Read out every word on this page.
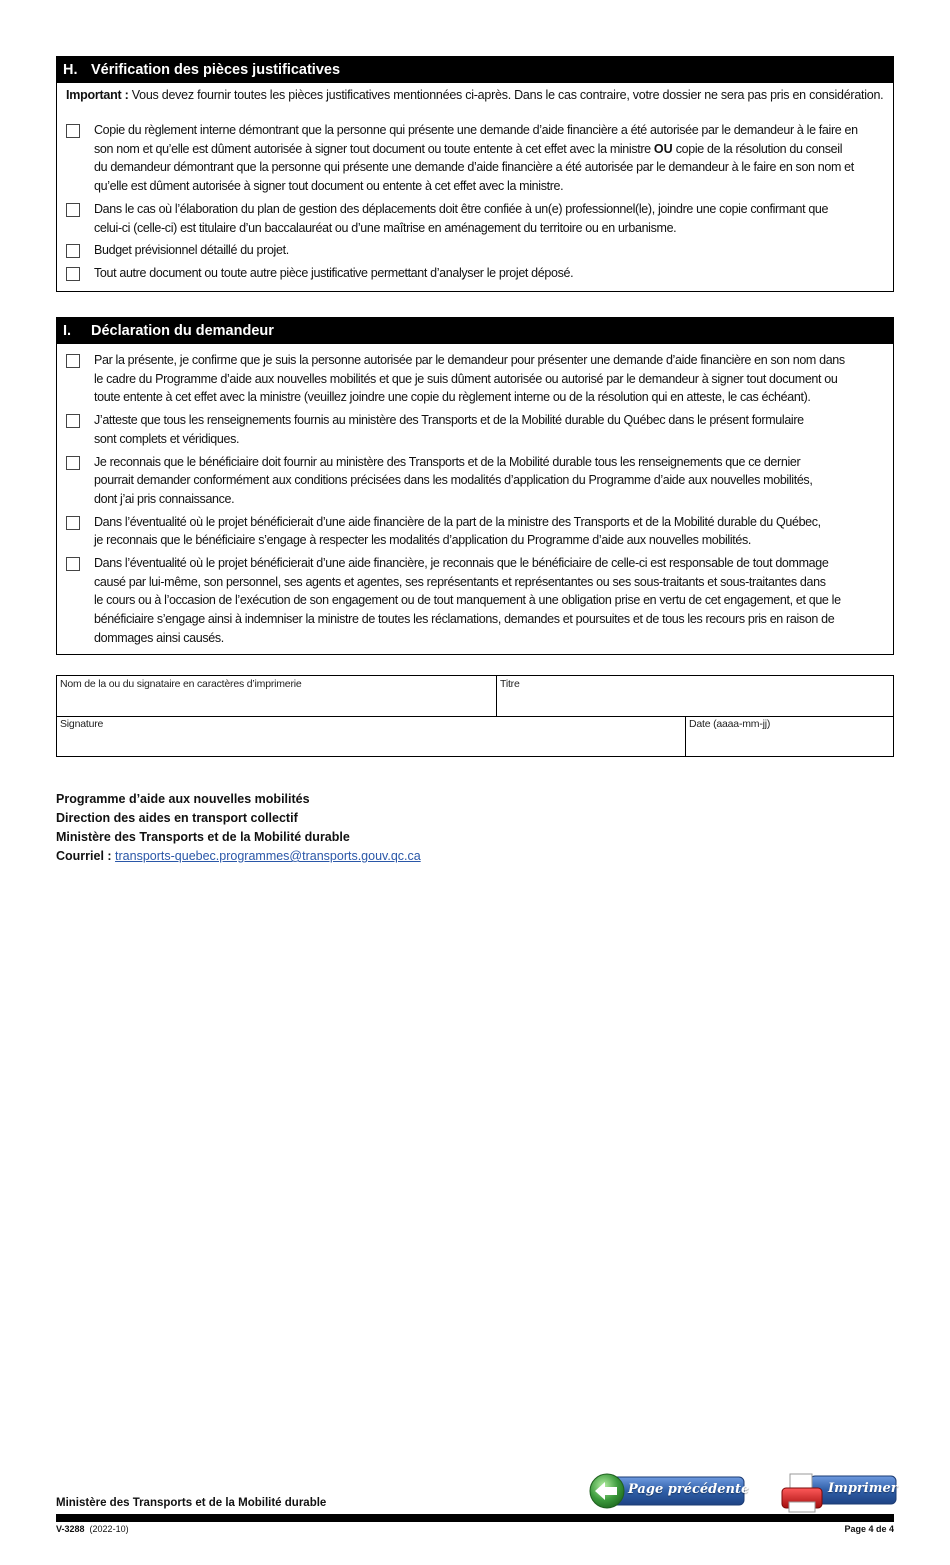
H. Vérification des pièces justificatives
Important : Vous devez fournir toutes les pièces justificatives mentionnées ci-après. Dans le cas contraire, votre dossier ne sera pas pris en considération.
Copie du règlement interne démontrant que la personne qui présente une demande d’aide financière a été autorisée par le demandeur à le faire en
son nom et qu’elle est dûment autorisée à signer tout document ou toute entente à cet effet avec la ministre OU copie de la résolution du conseil
du demandeur démontrant que la personne qui présente une demande d’aide financière a été autorisée par le demandeur à le faire en son nom et
qu’elle est dûment autorisée à signer tout document ou entente à cet effet avec la ministre.
Dans le cas où l’élaboration du plan de gestion des déplacements doit être confiée à un(e) professionnel(le), joindre une copie confirmant que
celui-ci (celle-ci) est titulaire d’un baccalauréat ou d’une maîtrise en aménagement du territoire ou en urbanisme.
Budget prévisionnel détaillé du projet.
Tout autre document ou toute autre pièce justificative permettant d’analyser le projet déposé.
I. Déclaration du demandeur
Par la présente, je confirme que je suis la personne autorisée par le demandeur pour présenter une demande d’aide financière en son nom dans
le cadre du Programme d’aide aux nouvelles mobilités et que je suis dûment autorisée ou autorisé par le demandeur à signer tout document ou
toute entente à cet effet avec la ministre (veuillez joindre une copie du règlement interne ou de la résolution qui en atteste, le cas échéant).
J’atteste que tous les renseignements fournis au ministère des Transports et de la Mobilité durable du Québec dans le présent formulaire
sont complets et véridiques.
Je reconnais que le bénéficiaire doit fournir au ministère des Transports et de la Mobilité durable tous les renseignements que ce dernier
pourrait demander conformément aux conditions précisées dans les modalités d’application du Programme d’aide aux nouvelles mobilités,
dont j’ai pris connaissance.
Dans l’éventualité où le projet bénéficierait d’une aide financière de la part de la ministre des Transports et de la Mobilité durable du Québec,
je reconnais que le bénéficiaire s’engage à respecter les modalités d’application du Programme d’aide aux nouvelles mobilités.
Dans l’éventualité où le projet bénéficierait d’une aide financière, je reconnais que le bénéficiaire de celle-ci est responsable de tout dommage
causé par lui-même, son personnel, ses agents et agentes, ses représentants et représentantes ou ses sous-traitants et sous-traitantes dans
le cours ou à l’occasion de l’exécution de son engagement ou de tout manquement à une obligation prise en vertu de cet engagement, et que le
bénéficiaire s’engage ainsi à indemniser la ministre de toutes les réclamations, demandes et poursuites et de tous les recours pris en raison de
dommages ainsi causés.
Nom de la ou du signataire en caractères d’imprimerie	Titre
Signature	Date (aaaa-mm-jj)
Programme d’aide aux nouvelles mobilités
Direction des aides en transport collectif
Ministère des Transports et de la Mobilité durable
Courriel : transports-quebec.programmes@transports.gouv.qc.ca
Page précédente	Imprimer
Ministère des Transports et de la Mobilité durable
V-3288 (2022-10)	Page 4 de 4
